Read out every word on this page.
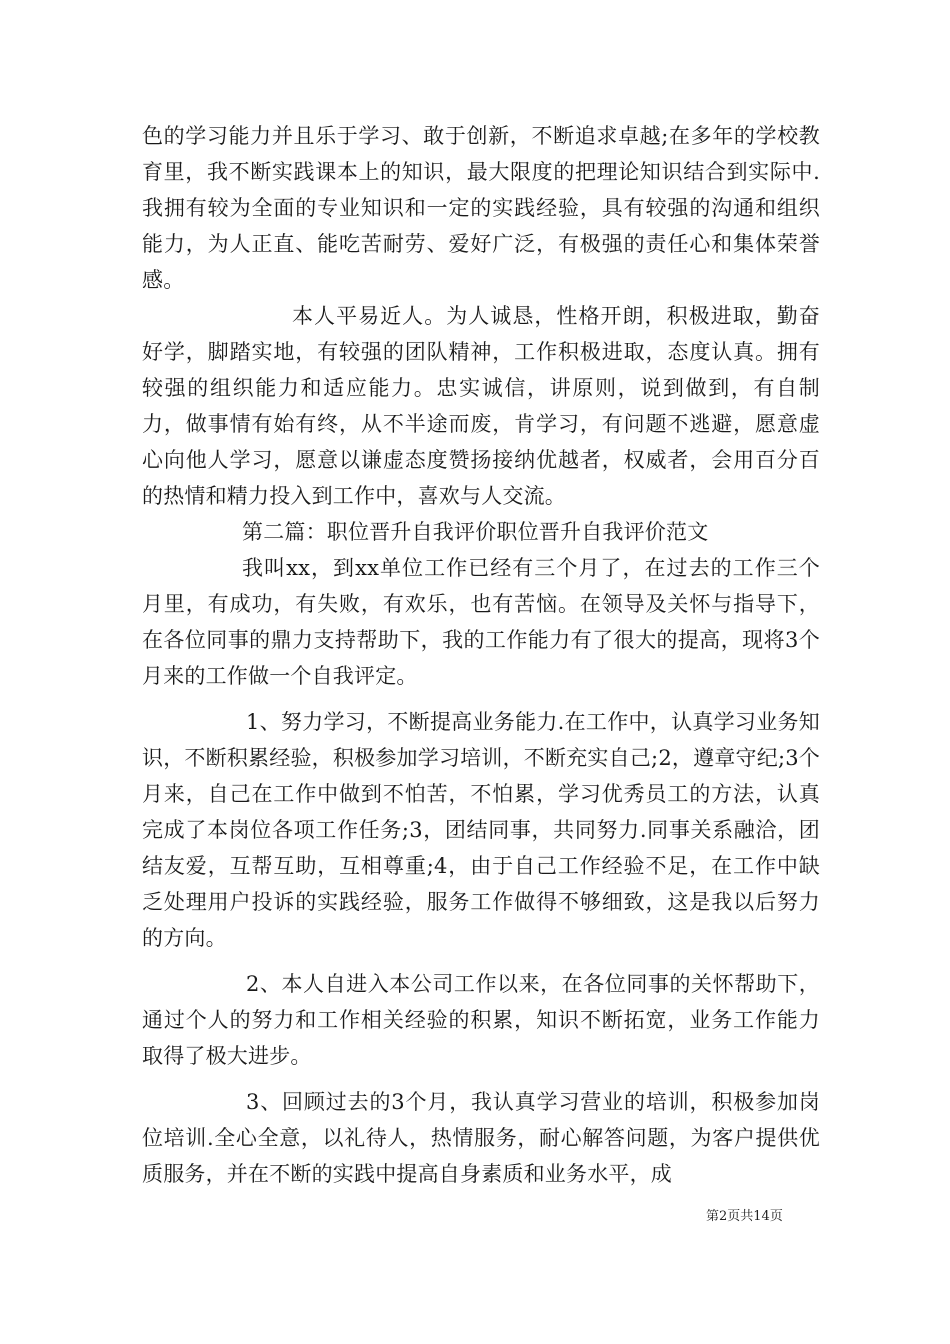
色的学习能力并且乐于学习、敢于创新，不断追求卓越;在多年的学校教育里，我不断实践课本上的知识，最大限度的把理论知识结合到实际中.我拥有较为全面的专业知识和一定的实践经验，具有较强的沟通和组织能力，为人正直、能吃苦耐劳、爱好广泛，有极强的责任心和集体荣誉感。

本人平易近人。为人诚恳，性格开朗，积极进取，勤奋好学，脚踏实地，有较强的团队精神，工作积极进取，态度认真。拥有较强的组织能力和适应能力。忠实诚信，讲原则，说到做到，有自制力，做事情有始有终，从不半途而废，肯学习，有问题不逃避，愿意虚心向他人学习，愿意以谦虚态度赞扬接纳优越者，权威者，会用百分百的热情和精力投入到工作中，喜欢与人交流。

第二篇：职位晋升自我评价职位晋升自我评价范文

我叫xx，到xx单位工作已经有三个月了，在过去的工作三个月里，有成功，有失败，有欢乐，也有苦恼。在领导及关怀与指导下，在各位同事的鼎力支持帮助下，我的工作能力有了很大的提高，现将3个月来的工作做一个自我评定。

1、努力学习，不断提高业务能力.在工作中，认真学习业务知识，不断积累经验，积极参加学习培训，不断充实自己;2，遵章守纪;3个月来，自己在工作中做到不怕苦，不怕累，学习优秀员工的方法，认真完成了本岗位各项工作任务;3，团结同事，共同努力.同事关系融洽，团结友爱，互帮互助，互相尊重;4，由于自己工作经验不足，在工作中缺乏处理用户投诉的实践经验，服务工作做得不够细致，这是我以后努力的方向。

2、本人自进入本公司工作以来，在各位同事的关怀帮助下，通过个人的努力和工作相关经验的积累，知识不断拓宽，业务工作能力取得了极大进步。

3、回顾过去的3个月，我认真学习营业的培训，积极参加岗位培训.全心全意，以礼待人，热情服务，耐心解答问题，为客户提供优质服务，并在不断的实践中提高自身素质和业务水平，成

第2页共14页
